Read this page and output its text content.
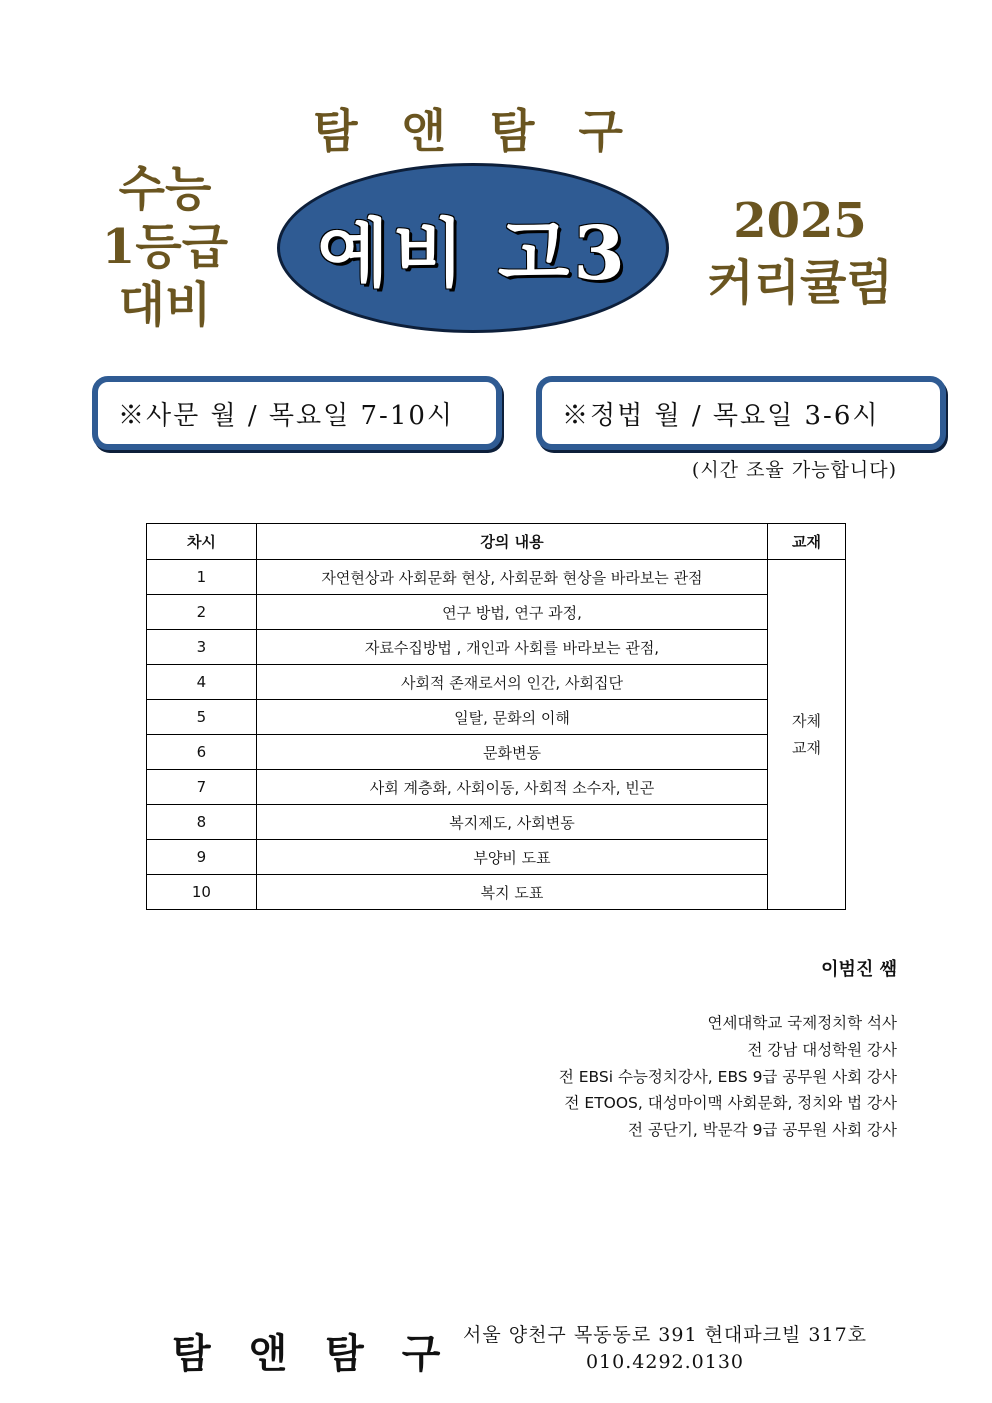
탐 앤 탐 구
수능
1등급
대비
예비 고3	2025
커리큘럼
※사문 월 / 목요일 7-10시	※정법 월 / 목요일 3-6시
(시간 조율 가능합니다)
차시	강의 내용	교재
1	자연현상과 사회문화 현상, 사회문화 현상을 바라보는 관점	자체
교재

2	연구 방법, 연구 과정,	
3	자료수집방법 , 개인과 사회를 바라보는 관점,	
4	사회적 존재로서의 인간, 사회집단	
5	일탈, 문화의 이해	
6	문화변동	
7	사회 계층화, 사회이동, 사회적 소수자, 빈곤	
8	복지제도, 사회변동	
9	부양비 도표	
10	복지 도표	
이범진 쌤
연세대학교 국제정치학 석사
전 강남 대성학원 강사
전 EBSi 수능정치강사, EBS 9급 공무원 사회 강사
전 ETOOS, 대성마이맥 사회문화, 정치와 법 강사
전 공단기, 박문각 9급 공무원 사회 강사
탐 앤 탐 구 서울 양천구 목동동로 391 현대파크빌 317호
010.4292.0130
